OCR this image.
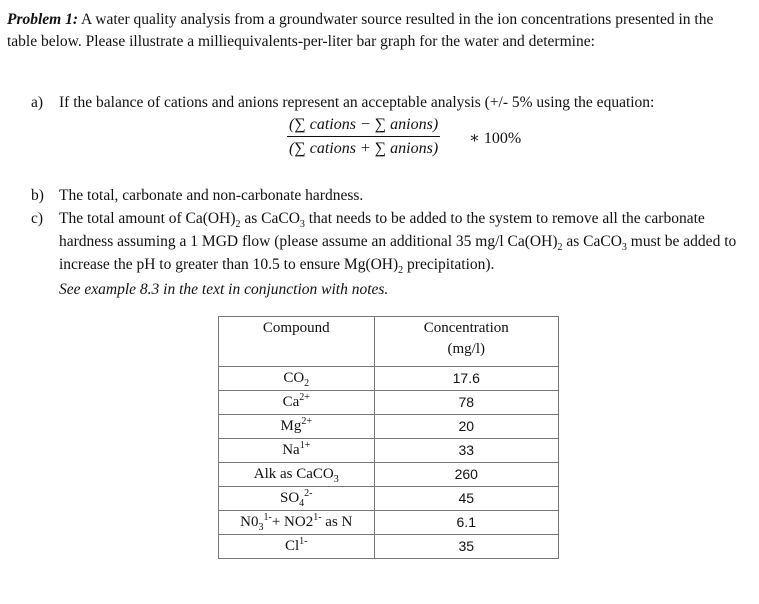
Problem 1: A water quality analysis from a groundwater source resulted in the ion concentrations presented in the table below. Please illustrate a milliequivalents-per-liter bar graph for the water and determine:
a) If the balance of cations and anions represent an acceptable analysis (+/- 5% using the equation:
(∑ cations − ∑ anions)
(∑ cations + ∑ anions)
∗ 100%
b) The total, carbonate and non-carbonate hardness.
c) The total amount of $Ca(OH)_2$ as CaCO$_3$ that needs to be added to the system to remove all the carbonate hardness assuming a 1 MGD flow (please assume an additional 35 mg/l $Ca(OH)_2$ as CaCO$_3$ must be added to increase the pH to greater than 10.5 to ensure $Mg(OH)_2$ precipitation).
See example 8.3 in the text in conjunction with notes.
Compound	Concentration
(mg/l)

$CO_2$	17.6
$Ca^{2+}$	78
$Mg^{2+}$	20
$Na^{1+}$	33
Alk as CaCO$_3$	260
$SO_4^{2-}$	45
$N0_3^{1-}+ NO2^{1-}$ as N	6.1
$Cl^{1-}$	35
